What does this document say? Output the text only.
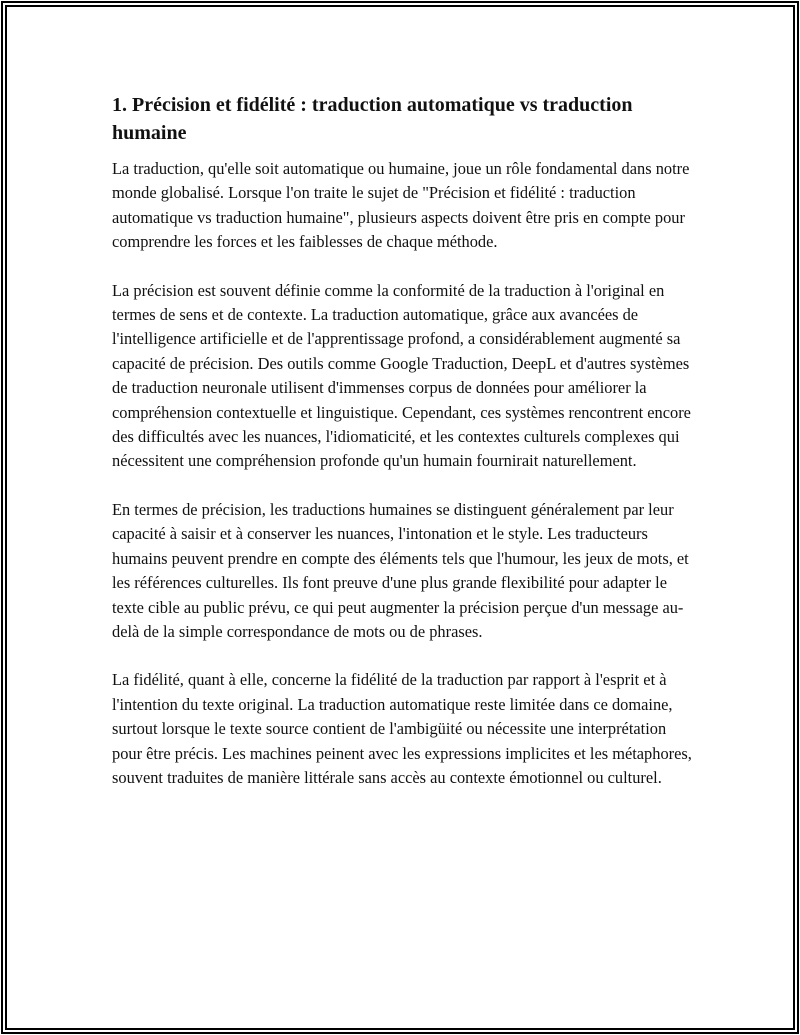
1. Précision et fidélité : traduction automatique vs traduction humaine

La traduction, qu'elle soit automatique ou humaine, joue un rôle fondamental dans notre monde globalisé. Lorsque l'on traite le sujet de "Précision et fidélité : traduction automatique vs traduction humaine", plusieurs aspects doivent être pris en compte pour comprendre les forces et les faiblesses de chaque méthode.

La précision est souvent définie comme la conformité de la traduction à l'original en termes de sens et de contexte. La traduction automatique, grâce aux avancées de l'intelligence artificielle et de l'apprentissage profond, a considérablement augmenté sa capacité de précision. Des outils comme Google Traduction, DeepL et d'autres systèmes de traduction neuronale utilisent d'immenses corpus de données pour améliorer la compréhension contextuelle et linguistique. Cependant, ces systèmes rencontrent encore des difficultés avec les nuances, l'idiomaticité, et les contextes culturels complexes qui nécessitent une compréhension profonde qu'un humain fournirait naturellement.

En termes de précision, les traductions humaines se distinguent généralement par leur capacité à saisir et à conserver les nuances, l'intonation et le style. Les traducteurs humains peuvent prendre en compte des éléments tels que l'humour, les jeux de mots, et les références culturelles. Ils font preuve d'une plus grande flexibilité pour adapter le texte cible au public prévu, ce qui peut augmenter la précision perçue d'un message au-delà de la simple correspondance de mots ou de phrases.

La fidélité, quant à elle, concerne la fidélité de la traduction par rapport à l'esprit et à l'intention du texte original. La traduction automatique reste limitée dans ce domaine, surtout lorsque le texte source contient de l'ambigüité ou nécessite une interprétation pour être précis. Les machines peinent avec les expressions implicites et les métaphores, souvent traduites de manière littérale sans accès au contexte émotionnel ou culturel.
